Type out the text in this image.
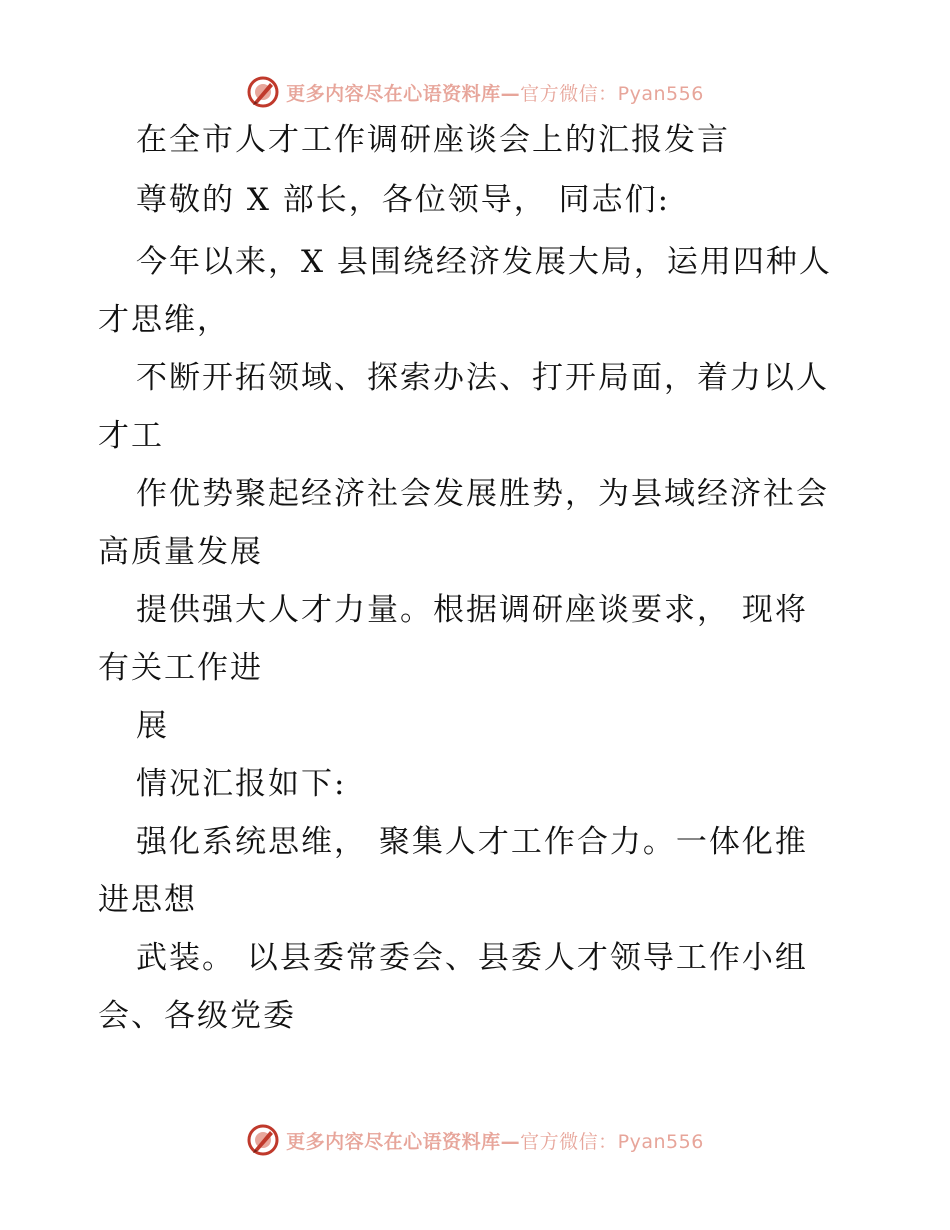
更多内容尽在心语资料库—官方微信：Pyan556
在全市人才工作调研座谈会上的汇报发言
尊敬的 X 部长，各位领导， 同志们:
今年以来，X 县围绕经济发展大局，运用四种人
才思维，
不断开拓领域、探索办法、打开局面，着力以人
才工
作优势聚起经济社会发展胜势，为县域经济社会
高质量发展
提供强大人才力量。根据调研座谈要求， 现将
有关工作进
展
情况汇报如下:
强化系统思维， 聚集人才工作合力。一体化推
进思想
武装。 以县委常委会、县委人才领导工作小组
会、各级党委
更多内容尽在心语资料库—官方微信：Pyan556
